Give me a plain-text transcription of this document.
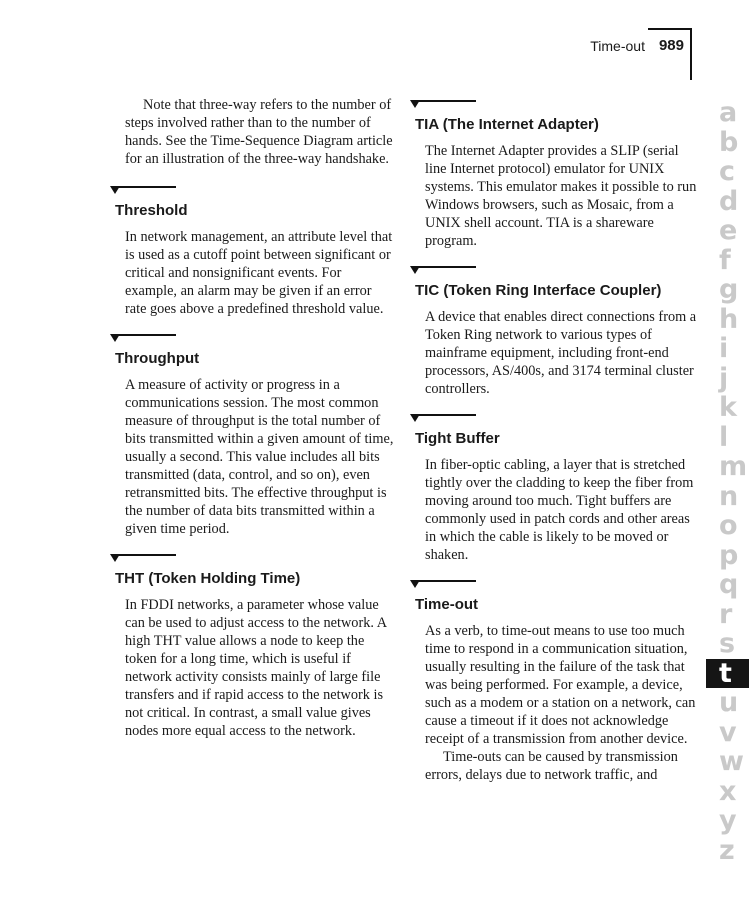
Time-out 989

Note that three-way refers to the number of steps involved rather than to the number of hands. See the Time-Sequence Diagram article for an illustration of the three-way handshake.

Threshold

In network management, an attribute level that is used as a cutoff point between significant or critical and nonsignificant events. For example, an alarm may be given if an error rate goes above a predefined threshold value.

Throughput

A measure of activity or progress in a communications session. The most common measure of throughput is the total number of bits transmitted within a given amount of time, usually a second. This value includes all bits transmitted (data, control, and so on), even retransmitted bits. The effective throughput is the number of data bits transmitted within a given time period.

THT (Token Holding Time)

In FDDI networks, a parameter whose value can be used to adjust access to the network. A high THT value allows a node to keep the token for a long time, which is useful if network activity consists mainly of large file transfers and if rapid access to the network is not critical. In contrast, a small value gives nodes more equal access to the network.

TIA (The Internet Adapter)

The Internet Adapter provides a SLIP (serial line Internet protocol) emulator for UNIX systems. This emulator makes it possible to run Windows browsers, such as Mosaic, from a UNIX shell account. TIA is a shareware program.

TIC (Token Ring Interface Coupler)

A device that enables direct connections from a Token Ring network to various types of mainframe equipment, including front-end processors, AS/400s, and 3174 terminal cluster controllers.

Tight Buffer

In fiber-optic cabling, a layer that is stretched tightly over the cladding to keep the fiber from moving around too much. Tight buffers are commonly used in patch cords and other areas in which the cable is likely to be moved or shaken.

Time-out

As a verb, to time-out means to use too much time to respond in a communication situation, usually resulting in the failure of the task that was being performed. For example, a device, such as a modem or a station on a network, can cause a timeout if it does not acknowledge receipt of a transmission from another device.

Time-outs can be caused by transmission errors, delays due to network traffic, and

a
b
c
d
e
f
g
h
i
j
k
l
m
n
o
p
q
r
s
t
u
v
w
x
y
z
